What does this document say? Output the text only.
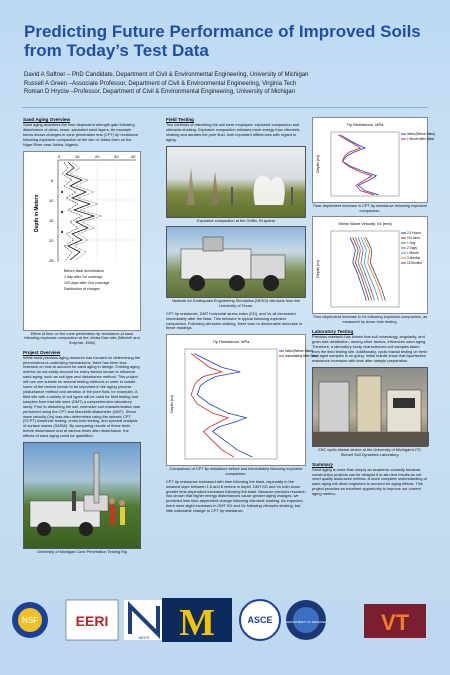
Predicting Future Performance of Improved Soils from Today’s Test Data
David A Saftner – PhD Candidate, Department of Civil & Environmental Engineering, University of Michigan
Russell A Green –Associate Professor, Department of Civil & Environmental Engineering, Virginia Tech
Roman D Hryciw –Professor, Department of Civil & Environmental Engineering, University of Michigan
Sand Aging Overview

Sand aging describes the time dependent strength gain following disturbance of clean, loose, saturated sand layers. An example below shows changes in cone penetration test (CPT) tip resistance following explosive compaction at the site of Jebba Dam on the Niger River near Jebba, Nigeria.

0	10	20	30	40
5
10
15
20
25
Depth in Meters
Before blast densification
1 day after 1st coverage
100 days after 2nd coverage
Distribution of charges

Effect of time on the cone penetration tip resistance of sand following explosive compaction at the Jebba Dam site (Mitchell and Solymar, 1984)

Project Overview

While most previous aging research has focused on determining the phenomenon’s underlying mechanisms, there has been less research on how to account for sand aging in design. Existing aging metrics do not easily account for many factors known to influence sand aging, such as soil type and disturbance method. This project will use one subsite for several testing methods in order to isolate some of the factors known to be important in the aging process (disturbance method and aeration of the pore fluid, for example). A field site with a variety of soil types will be used for field testing and samples from that site were (DMT) a comprehensive laboratory study. Prior to disturbing the soil, extensive soil characterization was performed using the CPT and Marchetti dilatometer (DMT). Shear wave velocity (Vs) was also determined using the seismic CPT (SCPT) downhole testing, cross-hole testing, and spectral analysis of surface waves (SASW). By comparing results of these tests before disturbance and at various times after disturbance, the effects of sand aging could be quantified.

University of Michigan Cone Penetration Testing Rig

Field Testing

Two methods of disturbing the soil were employed: explosive compaction and vibroseis shaking. Explosive compaction releases more energy than vibroseis shaking and aerates the pore fluid, both important differences with regard to aging.

Explosive compaction at the Griffin, IN quarry

Network for Earthquake Engineering Simulation (NEES) vibroseis from the University of Texas.

CPT tip resistance, DMT horizontal stress index (KD), and Vs all decreased immediately after the blast. This behavior is typical following explosive compaction. Following vibroseis shaking, there was no discernable decrease in these readings.

Tip Resistance, MPa
Depth (m)
Initial (Before Blast)
Immediately After Blast

Comparison of CPT tip resistance before and immediately following explosive compaction.

CPT tip resistance increased with time following the blast, especially in the weakest layer between 1.8 and 8 meters in depth. DMT KD and Vs both show greater time-dependent increases following the blast. Because previous research has shown that higher energy disturbances cause greater aging changes, we predicted less time-dependent change following vibroseis shaking. As expected, there were slight increases in DMT KD and Vs following vibroseis shaking, but little noticeable change to CPT tip resistance.

Tip Resistance, MPa
Depth (m)
Initial (Before Blast)
1 Month After Blast

Time-dependent increase in CPT tip resistance following explosive compaction.

Shear Wave Velocity, Vs (m/s)
Depth (m)
2.5 Hours
15 Hours
1 Day
2 Days
1 Month
3 Months
15 Months

Time-dependent increase in Vs following explosive compaction, as measured by down-hole testing.

Laboratory Testing

Previous research has shown that soil mineralogy, angularity, and grain size distribution, among other factors, influences sand aging. Therefore, a laboratory study characterized soil samples taken from the field testing site. Additionally, cyclic triaxial testing on fresh and aged samples is on going. Initial results show that liquefaction resistance increases with time after sample preparation.

CKC cyclic triaxial device at the University of Michigan’s F.E. Richart Soil Dynamics Laboratory.

Summary

Sand aging is more than simply an academic curiosity because construction projects can be delayed if in-situ test results do not meet quality assurance metrics. A more complete understanding of sand aging will allow engineers to account for aging effects. This project provides an excellent opportunity to improve our current aging metrics.

NSF	EERI
NEES M	ASCE	DEPARTMENT OF DEFENSE VT
